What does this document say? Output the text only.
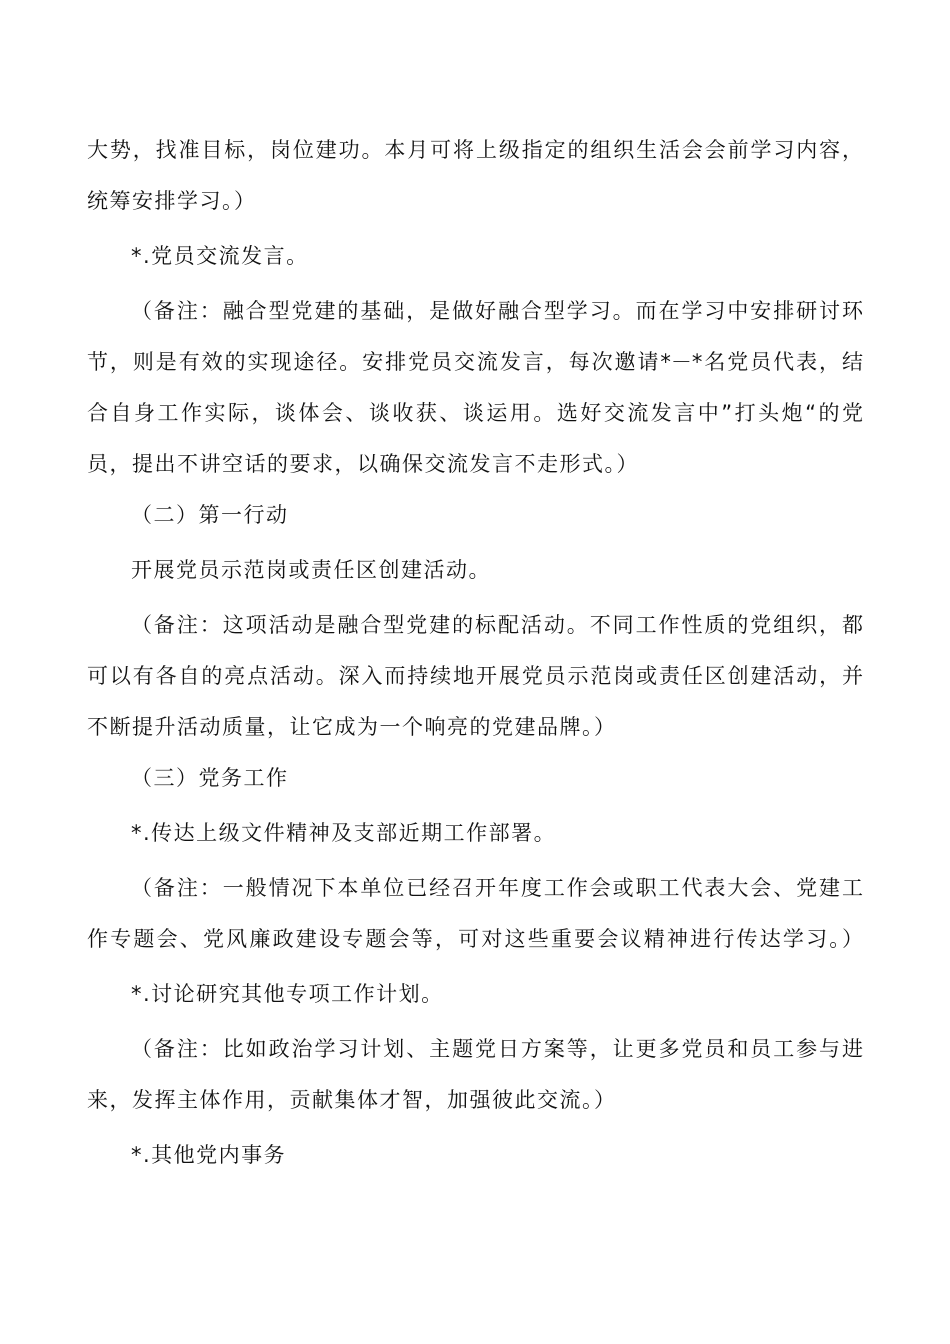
大势，找准目标，岗位建功。本月可将上级指定的组织生活会会前学习内容，
统筹安排学习。）
*.党员交流发言。
（备注：融合型党建的基础，是做好融合型学习。而在学习中安排研讨环
节，则是有效的实现途径。安排党员交流发言，每次邀请*－*名党员代表，结
合自身工作实际，谈体会、谈收获、谈运用。选好交流发言中”打头炮“的党
员，提出不讲空话的要求，以确保交流发言不走形式。）
（二）第一行动
开展党员示范岗或责任区创建活动。
（备注：这项活动是融合型党建的标配活动。不同工作性质的党组织，都
可以有各自的亮点活动。深入而持续地开展党员示范岗或责任区创建活动，并
不断提升活动质量，让它成为一个响亮的党建品牌。）
（三）党务工作
*.传达上级文件精神及支部近期工作部署。
（备注：一般情况下本单位已经召开年度工作会或职工代表大会、党建工
作专题会、党风廉政建设专题会等，可对这些重要会议精神进行传达学习。）
*.讨论研究其他专项工作计划。
（备注：比如政治学习计划、主题党日方案等，让更多党员和员工参与进
来，发挥主体作用，贡献集体才智，加强彼此交流。）
*.其他党内事务
